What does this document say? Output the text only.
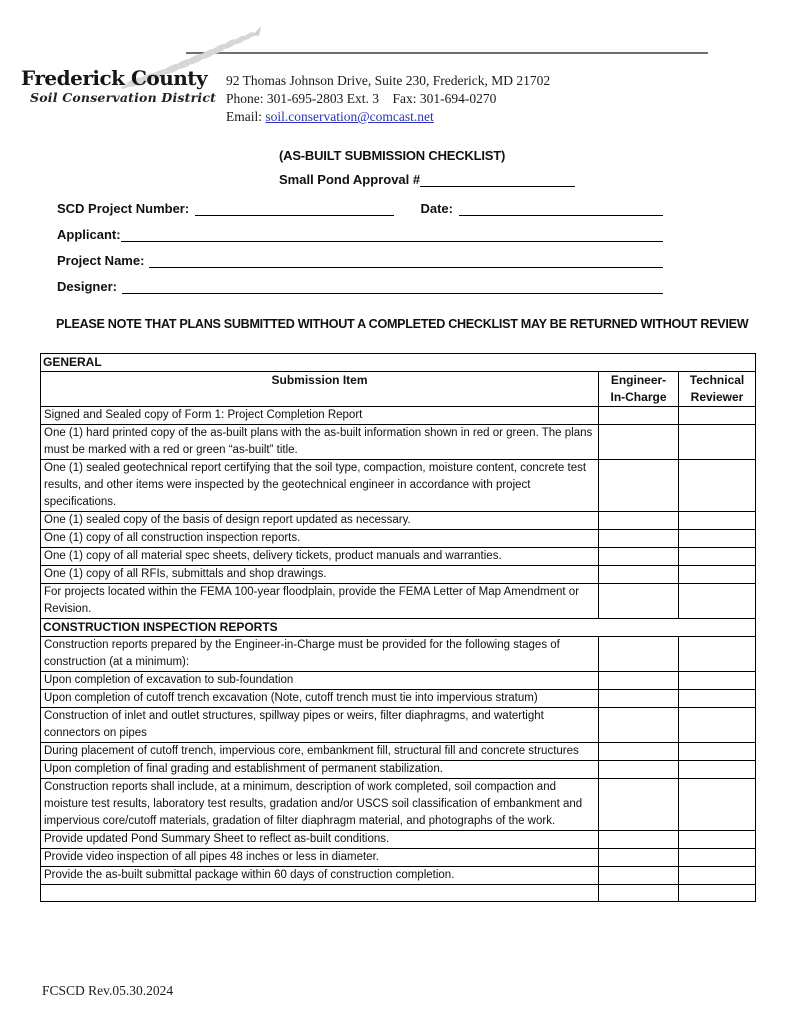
Frederick County
Soil Conservation District
92 Thomas Johnson Drive, Suite 230, Frederick, MD 21702
Phone: 301-695-2803 Ext. 3    Fax: 301-694-0270
Email: soil.conservation@comcast.net
(AS-BUILT SUBMISSION CHECKLIST)
Small Pond Approval #
SCD Project Number:	Date:
Applicant:
Project Name:
Designer:
PLEASE NOTE THAT PLANS SUBMITTED WITHOUT A COMPLETED CHECKLIST MAY BE RETURNED WITHOUT REVIEW
GENERAL		
Submission Item	Engineer- In-Charge	Technical Reviewer
Signed and Sealed copy of Form 1: Project Completion Report		
One (1) hard printed copy of the as-built plans with the as-built information shown in red or green. The plans must be marked with a red or green “as-built” title.		
One (1) sealed geotechnical report certifying that the soil type, compaction, moisture content, concrete test results, and other items were inspected by the geotechnical engineer in accordance with project specifications.		
One (1) sealed copy of the basis of design report updated as necessary.		
One (1) copy of all construction inspection reports.		
One (1) copy of all material spec sheets, delivery tickets, product manuals and warranties.		
One (1) copy of all RFIs, submittals and shop drawings.		
For projects located within the FEMA 100-year floodplain, provide the FEMA Letter of Map Amendment or Revision.		
CONSTRUCTION INSPECTION REPORTS		
Construction reports prepared by the Engineer-in-Charge must be provided for the following stages of construction (at a minimum):		
Upon completion of excavation to sub-foundation		
Upon completion of cutoff trench excavation (Note, cutoff trench must tie into impervious stratum)		
Construction of inlet and outlet structures, spillway pipes or weirs, filter diaphragms, and watertight connectors on pipes		
During placement of cutoff trench, impervious core, embankment fill, structural fill and concrete structures		
Upon completion of final grading and establishment of permanent stabilization.		
Construction reports shall include, at a minimum, description of work completed, soil compaction and moisture test results, laboratory test results, gradation and/or USCS soil classification of embankment and impervious core/cutoff materials, gradation of filter diaphragm material, and photographs of the work.		
Provide updated Pond Summary Sheet to reflect as-built conditions.		
Provide video inspection of all pipes 48 inches or less in diameter.		
Provide the as-built submittal package within 60 days of construction completion.		

FCSCD Rev.05.30.2024
